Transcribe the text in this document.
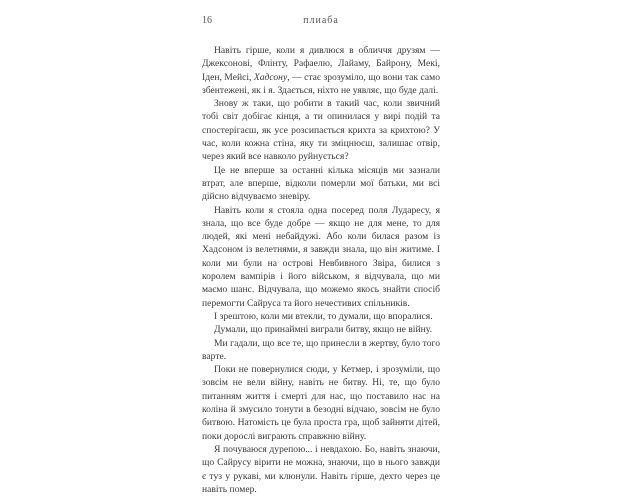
16	плиаба

Навіть гірше, коли я дивлюся в обличчя друзям — Джексонові, Флінту, Рафаелю, Лайаму, Байрону, Мекі, Іден, Мейсі, Хадсону, — стає зрозуміло, що вони так само збентежені, як і я. Здається, ніхто не уявляє, що буде далі.

Знову ж таки, що робити в такий час, коли звичний тобі світ добігає кінця, а ти опинилася у вирі подій та спостерігаєш, як усе розсипається крихта за крихтою? У час, коли кожна стіна, яку ти зміцнюєш, залишає отвір, через який все навколо руйнується?

Це не вперше за останні кілька місяців ми зазнали втрат, але вперше, відколи померли мої батьки, ми всі дійсно відчуваємо зневіру.

Навіть коли я стояла одна посеред поля Лударесу, я знала, що все буде добре — якщо не для мене, то для людей, які мені небайдужі. Або коли билася разом із Хадсоном із велетнями, я завжди знала, що він житиме. І коли ми були на острові Невбивного Звіра, билися з королем вампірів і його військом, я відчувала, що ми маємо шанс. Відчувала, що можемо якось знайти спосіб перемогти Сайруса та його нечестивих спільників.

І зрештою, коли ми втекли, то думали, що впоралися.

Думали, що принаймні виграли битву, якщо не війну.

Ми гадали, що все те, що принесли в жертву, було того варте.

Поки не повернулися сюди, у Кетмер, і зрозуміли, що зовсім не вели війну, навіть не битву. Ні, те, що було питанням життя і смерті для нас, що поставило нас на коліна й змусило тонути в безодні відчаю, зовсім не було битвою. Натомість це була проста гра, щоб зайняти дітей, поки дорослі виграють справжню війну.

Я почуваюся дурепою... і невдахою. Бо, навіть знаючи, що Сайрусу вірити не можна, знаючи, що в нього завжди є туз у рукаві, ми клюнули. Навіть гірше, дехто через це навіть помер.
